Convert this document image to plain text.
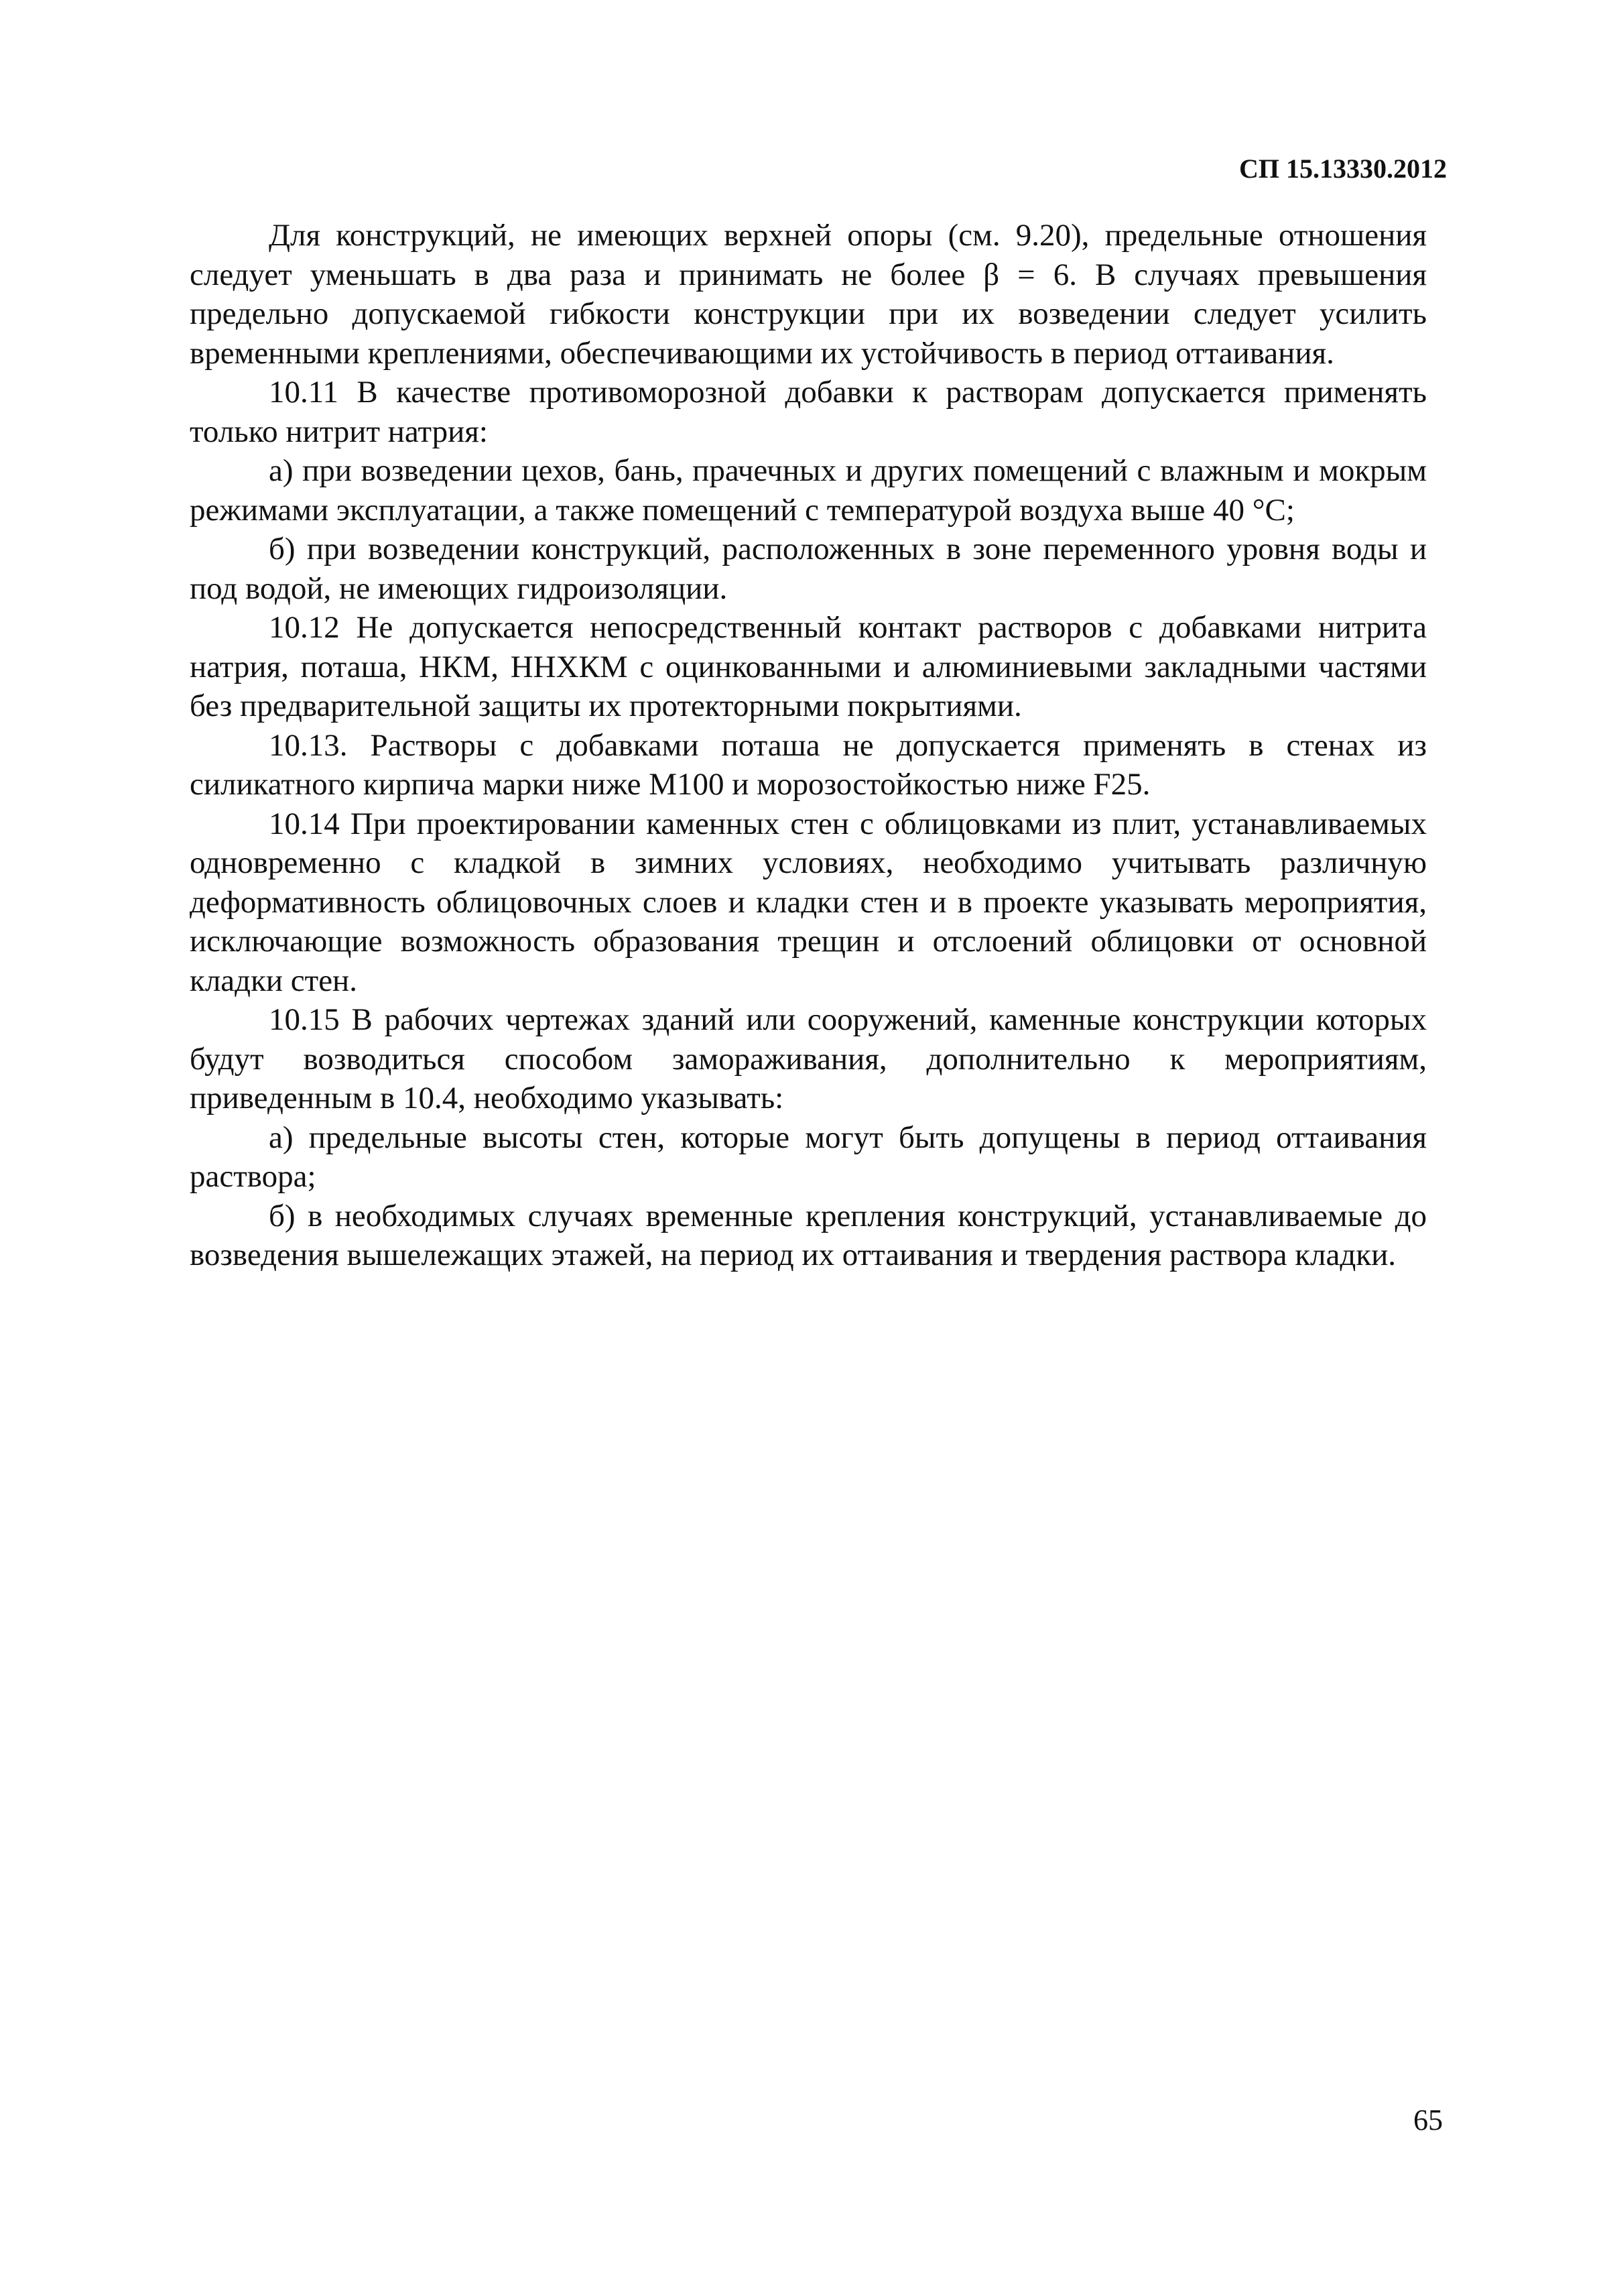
СП 15.13330.2012

Для конструкций, не имеющих верхней опоры (см. 9.20), предельные отношения следует уменьшать в два раза и принимать не более β = 6. В случаях превышения предельно допускаемой гибкости конструкции при их возведении следует усилить временными креплениями, обеспечивающими их устойчивость в период оттаивания.

10.11 В качестве противоморозной добавки к растворам допускается применять только нитрит натрия:

а) при возведении цехов, бань, прачечных и других помещений с влажным и мокрым режимами эксплуатации, а также помещений с температурой воздуха выше 40 °С;

б) при возведении конструкций, расположенных в зоне переменного уровня воды и под водой, не имеющих гидроизоляции.

10.12 Не допускается непосредственный контакт растворов с добавками нитрита натрия, поташа, НКМ, ННХКМ с оцинкованными и алюминиевыми закладными частями без предварительной защиты их протекторными покрытиями.

10.13. Растворы с добавками поташа не допускается применять в стенах из силикатного кирпича марки ниже М100 и морозостойкостью ниже F25.

10.14 При проектировании каменных стен с облицовками из плит, устанавливаемых одновременно с кладкой в зимних условиях, необходимо учитывать различную деформативность облицовочных слоев и кладки стен и в проекте указывать мероприятия, исключающие возможность образования трещин и отслоений облицовки от основной кладки стен.

10.15 В рабочих чертежах зданий или сооружений, каменные конструкции которых будут возводиться способом замораживания, дополнительно к мероприятиям, приведенным в 10.4, необходимо указывать:

а) предельные высоты стен, которые могут быть допущены в период оттаивания раствора;

б) в необходимых случаях временные крепления конструкций, устанавливаемые до возведения вышележащих этажей, на период их оттаивания и твердения раствора кладки.

65
